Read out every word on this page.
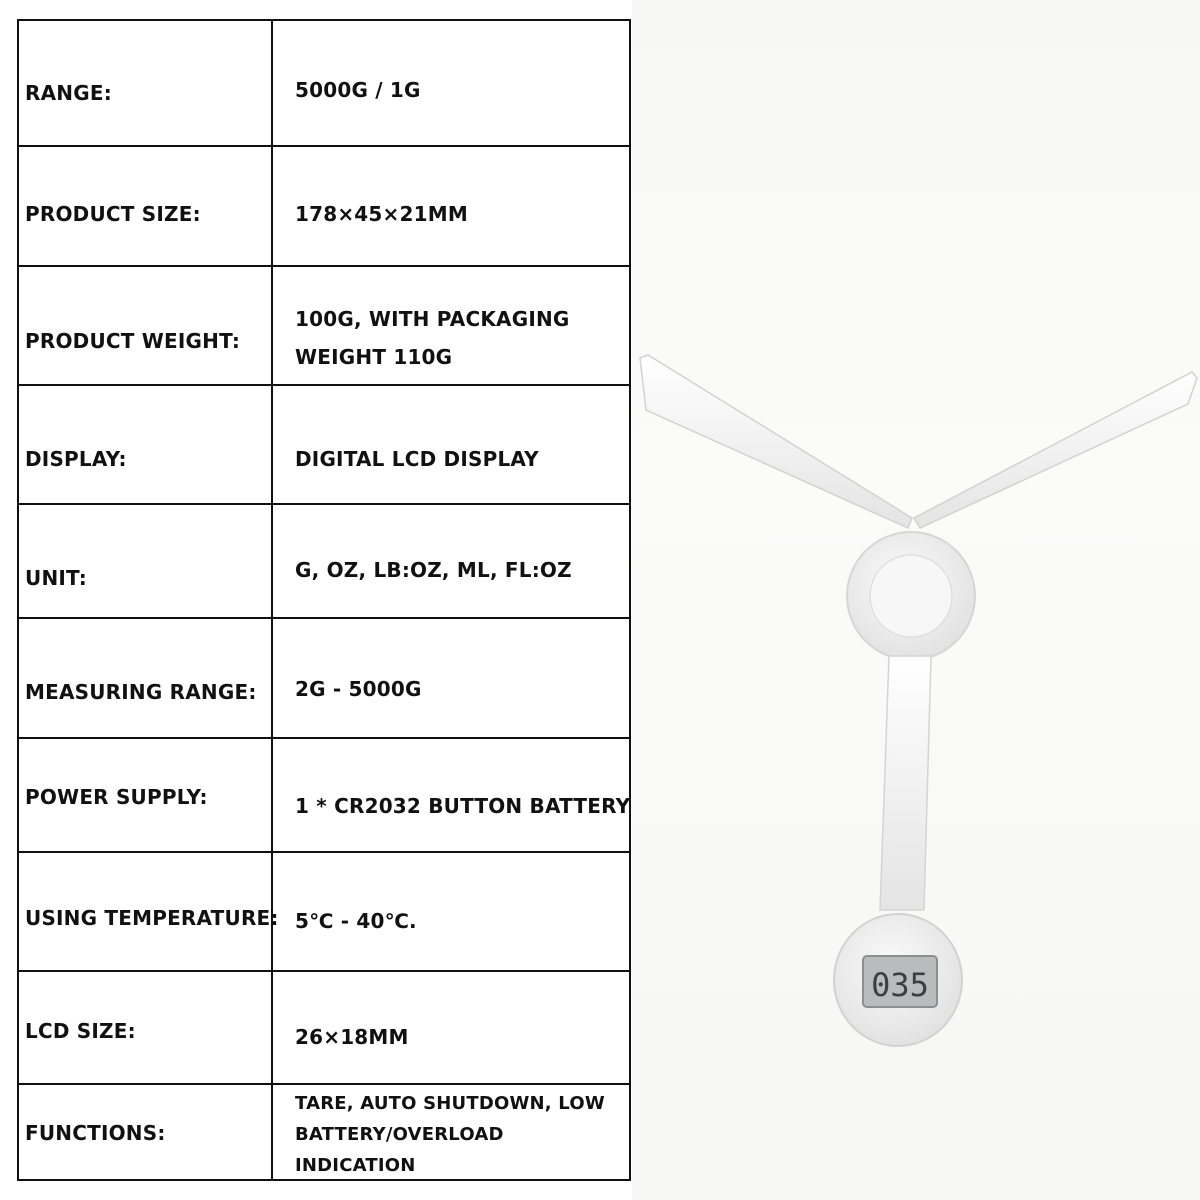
RANGE:	5000G / 1G
PRODUCT SIZE:	178×45×21MM
PRODUCT WEIGHT:
100G, WITH PACKAGING WEIGHT 110G
DISPLAY:	DIGITAL LCD DISPLAY
UNIT:	G, OZ, LB:OZ, ML, FL:OZ
MEASURING RANGE: 2G - 5000G
POWER SUPPLY:	1 * CR2032 BUTTON BATTERY
USING TEMPERATURE: 5℃ - 40℃.
LCD SIZE:	26×18MM
FUNCTIONS:
TARE, AUTO SHUTDOWN, LOW BATTERY/OVERLOAD INDICATION
035
